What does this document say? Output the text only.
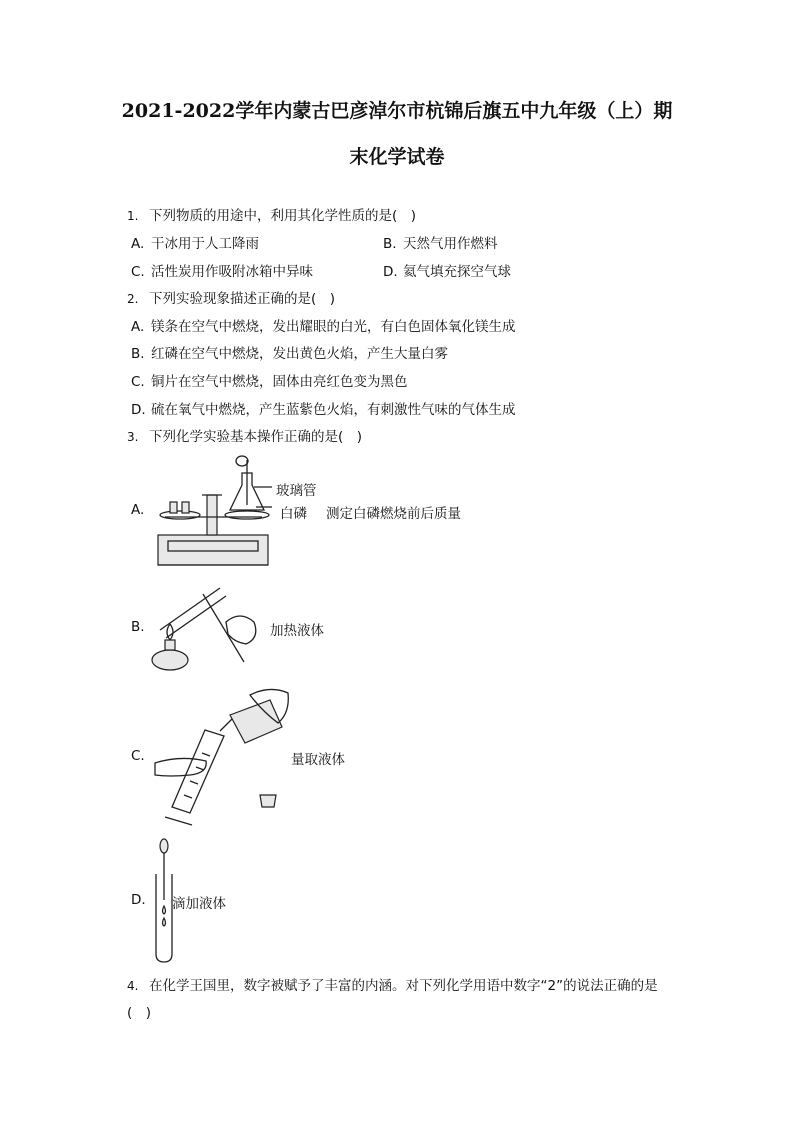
2021-2022学年内蒙古巴彦淖尔市杭锦后旗五中九年级（上）期
末化学试卷
1. 下列物质的用途中，利用其化学性质的是(　)
A. 干冰用于人工降雨	B. 天然气用作燃料
C. 活性炭用作吸附冰箱中异味	D. 氦气填充探空气球
2. 下列实验现象描述正确的是(　)
A. 镁条在空气中燃烧，发出耀眼的白光，有白色固体氧化镁生成
B. 红磷在空气中燃烧，发出黄色火焰，产生大量白雾
C. 铜片在空气中燃烧，固体由亮红色变为黑色
D. 硫在氧气中燃烧，产生蓝紫色火焰，有刺激性气味的气体生成
3. 下列化学实验基本操作正确的是(　)
A.
玻璃管
白磷 测定白磷燃烧前后质量
B.	加热液体
C.	量取液体
D. 滴加液体
4. 在化学王国里，数字被赋予了丰富的内涵。对下列化学用语中数字“2”的说法正确的是
(　)
